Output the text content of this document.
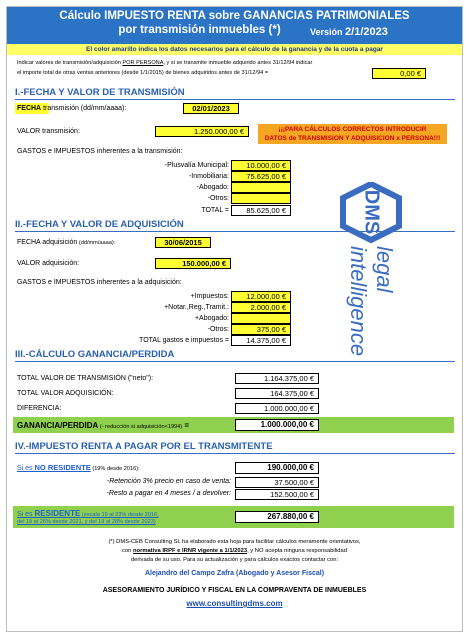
Cálculo IMPUESTO RENTA sobre GANANCIAS PATRIMONIALES
por transmisión inmuebles (*)	Versión 2/1/2023
El color amarillo indica los datos necesarios para el cálculo de la ganancia y de la cuota a pagar
Indicar valores de transmisión/adquisición POR PERSONA, y si se transmite inmueble adquirido antes 31/12/94 indicar
el importe total de otras ventas anteriores (desde 1/1/2015) de bienes adquiridos antes de 31/12/94 =	0,00 €
I.-FECHA Y VALOR DE TRANSMISIÓN
FECHA transmisión (dd/mm/aaaa):	02/01/2023
VALOR transmisión:	1.250.000,00 €	¡¡¡PARA CÁLCULOS CORRECTOS INTRODUCIR
DATOS de TRANSMISION Y ADQUISICION x PERSONA!!!
GASTOS e IMPUESTOS inherentes a la transmisión:
-Plusvalía Municipal:	10.000,00 €
-Inmobiliaria:	75.625,00 €
-Abogado:
-Otros:
TOTAL =	85.625,00 €
II.-FECHA Y VALOR DE ADQUISICIÓN
FECHA adquisición (dd/mm/aaaa):	30/06/2015
VALOR adquisición:	150.000,00 €
GASTOS e IMPUESTOS inherentes a la adquisición:
+Impuestos:	12.000,00 €
+Notar.,Reg.,Tramit.:	2.000,00 €
+Abogado:
-Otros:	375,00 €
TOTAL gastos e impuestos =	14.375,00 €
III.-CÁLCULO GANANCIA/PERDIDA
TOTAL VALOR DE TRANSMISIÓN ("neto"):	1.164.375,00 €
TOTAL VALOR ADQUISICIÓN:	164.375,00 €
DIFERENCIA:	1.000.000,00 €
GANANCIA/PERDIDA (- reducción si adquisición<1994) =	1.000.000,00 €
IV.-IMPUESTO RENTA A PAGAR POR EL TRANSMITENTE
Si es NO RESIDENTE (19% desde 2016):	190.000,00 €
-Retención 3% precio en caso de venta:	37.500,00 €
-Resto a pagar en 4 meses / a devolver:	152.500,00 €
Si es RESIDENTE (escala 19 al 23% desde 2016,
del 19 al 26% desde 2021, y del 19 al 28% desde 2023)
267.880,00 €
(*) DMS-CEB Consulting SL ha elaborado esta hoja para facilitar cálculos meramente orientativos,
con normativa IRPF e IRNR vigente a 1/1/2023, y NO acepta ninguna responsabilidad
derivada de su uso. Para su actualización y para cálculos exactos contactar con:
Alejandro del Campo Zafra (Abogado y Asesor Fiscal)
ASESORAMIENTO JURÍDICO Y FISCAL EN LA COMPRAVENTA DE INMUEBLES
www.consultingdms.com
DMS
legal
intelligence
